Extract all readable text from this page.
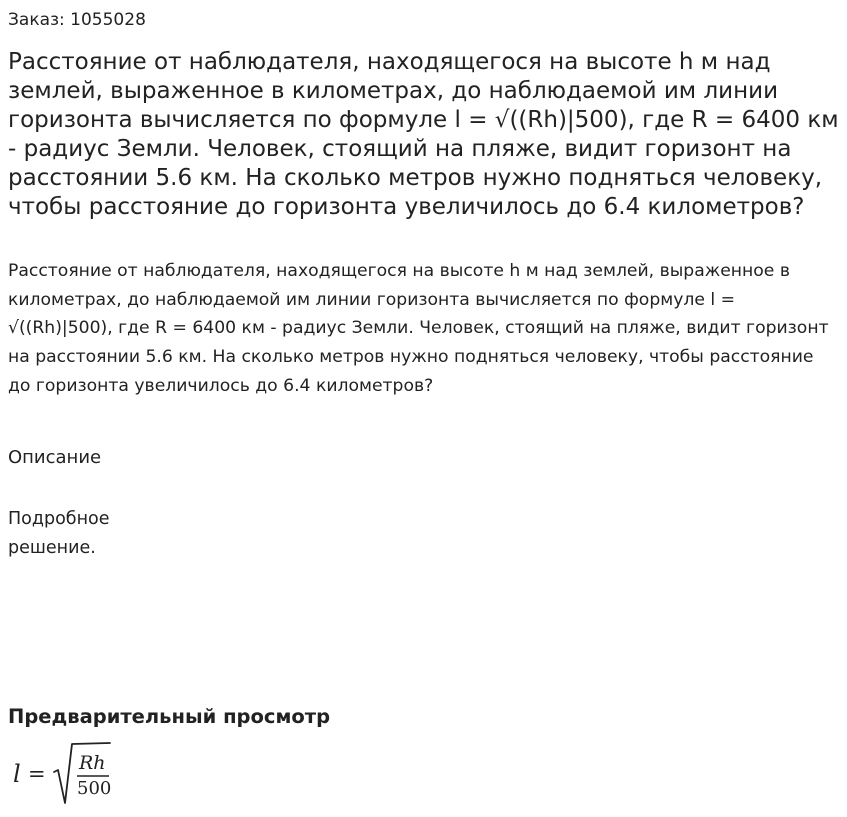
Заказ: 1055028
Расстояние от наблюдателя, находящегося на высоте h м над землей, выраженное в километрах, до наблюдаемой им линии горизонта вычисляется по формуле l = √((Rh)|500), где R = 6400 км - радиус Земли. Человек, стоящий на пляже, видит горизонт на расстоянии 5.6 км. На сколько метров нужно подняться человеку, чтобы расстояние до горизонта увеличилось до 6.4 километров?

Расстояние от наблюдателя, находящегося на высоте h м над землей, выраженное в километрах, до наблюдаемой им линии горизонта вычисляется по формуле l = √((Rh)|500), где R = 6400 км - радиус Земли. Человек, стоящий на пляже, видит горизонт на расстоянии 5.6 км. На сколько метров нужно подняться человеку, чтобы расстояние до горизонта увеличилось до 6.4 километров?

Описание
Подробное решение.
Предварительный просмотр
l = Rh
500
